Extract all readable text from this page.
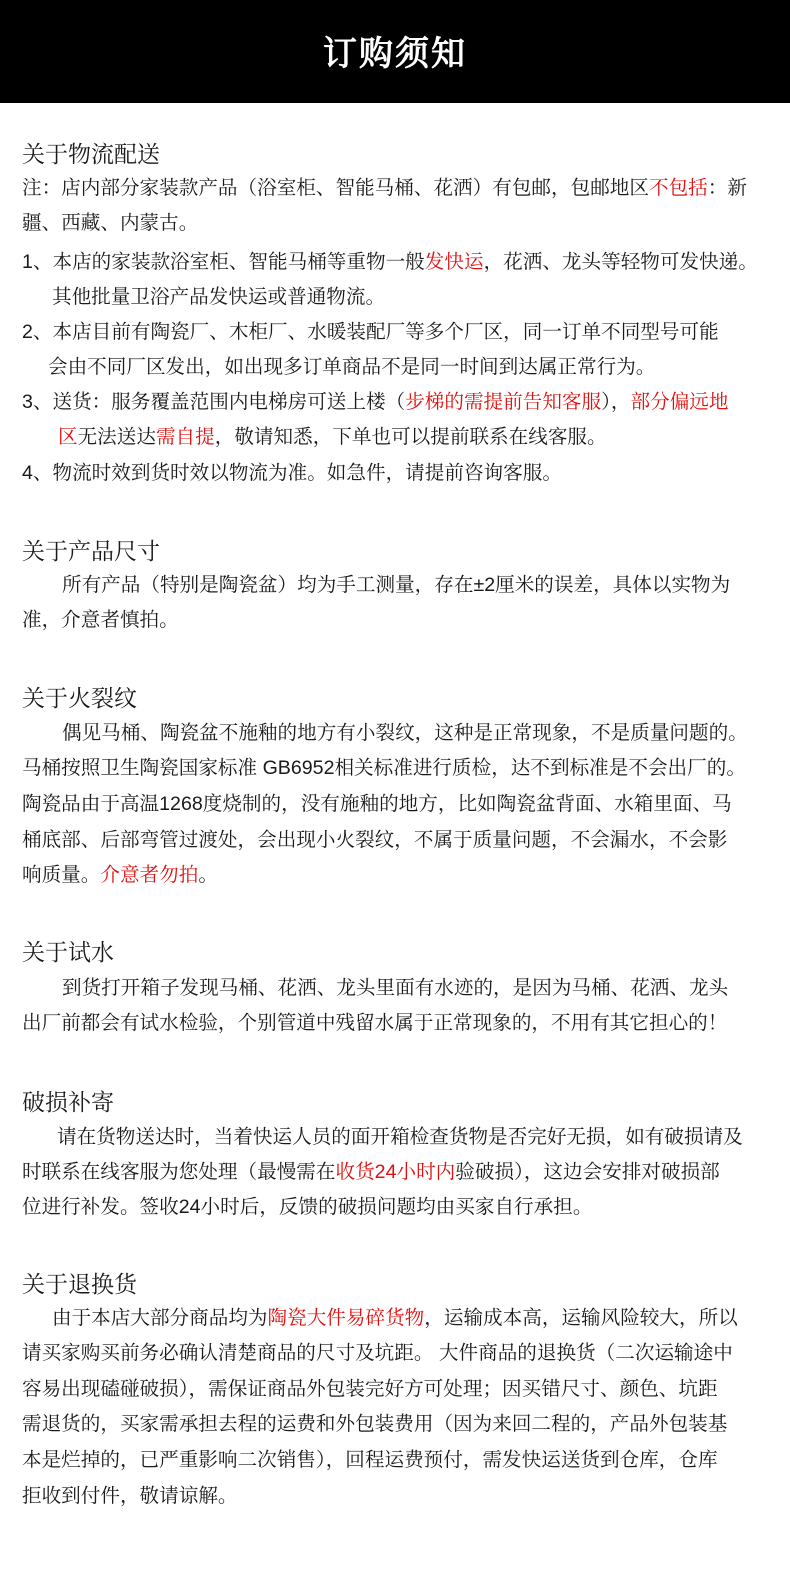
订购须知
关于物流配送
注：店内部分家装款产品（浴室柜、智能马桶、花洒）有包邮，包邮地区不包括：新
疆、西藏、内蒙古。
1、本店的家装款浴室柜、智能马桶等重物一般发快运，花洒、龙头等轻物可发快递。
其他批量卫浴产品发快运或普通物流。
2、本店目前有陶瓷厂、木柜厂、水暖装配厂等多个厂区，同一订单不同型号可能
会由不同厂区发出，如出现多订单商品不是同一时间到达属正常行为。
3、送货：服务覆盖范围内电梯房可送上楼（步梯的需提前告知客服），部分偏远地
区无法送达需自提，敬请知悉，下单也可以提前联系在线客服。
4、物流时效到货时效以物流为准。如急件，请提前咨询客服。
关于产品尺寸
所有产品（特别是陶瓷盆）均为手工测量，存在±2厘米的误差，具体以实物为
准，介意者慎拍。
关于火裂纹
偶见马桶、陶瓷盆不施釉的地方有小裂纹，这种是正常现象，不是质量问题的。
马桶按照卫生陶瓷国家标准 GB6952相关标准进行质检，达不到标准是不会出厂的。
陶瓷品由于高温1268度烧制的，没有施釉的地方，比如陶瓷盆背面、水箱里面、马
桶底部、后部弯管过渡处，会出现小火裂纹，不属于质量问题，不会漏水，不会影
响质量。介意者勿拍。
关于试水
到货打开箱子发现马桶、花洒、龙头里面有水迹的，是因为马桶、花洒、龙头
出厂前都会有试水检验，个别管道中残留水属于正常现象的，不用有其它担心的！
破损补寄
请在货物送达时，当着快运人员的面开箱检查货物是否完好无损，如有破损请及
时联系在线客服为您处理（最慢需在收货24小时内验破损），这边会安排对破损部
位进行补发。签收24小时后，反馈的破损问题均由买家自行承担。
关于退换货
由于本店大部分商品均为陶瓷大件易碎货物，运输成本高，运输风险较大，所以
请买家购买前务必确认清楚商品的尺寸及坑距。 大件商品的退换货（二次运输途中
容易出现磕碰破损），需保证商品外包装完好方可处理；因买错尺寸、颜色、坑距
需退货的，买家需承担去程的运费和外包装费用（因为来回二程的，产品外包装基
本是烂掉的，已严重影响二次销售），回程运费预付，需发快运送货到仓库，仓库
拒收到付件，敬请谅解。
